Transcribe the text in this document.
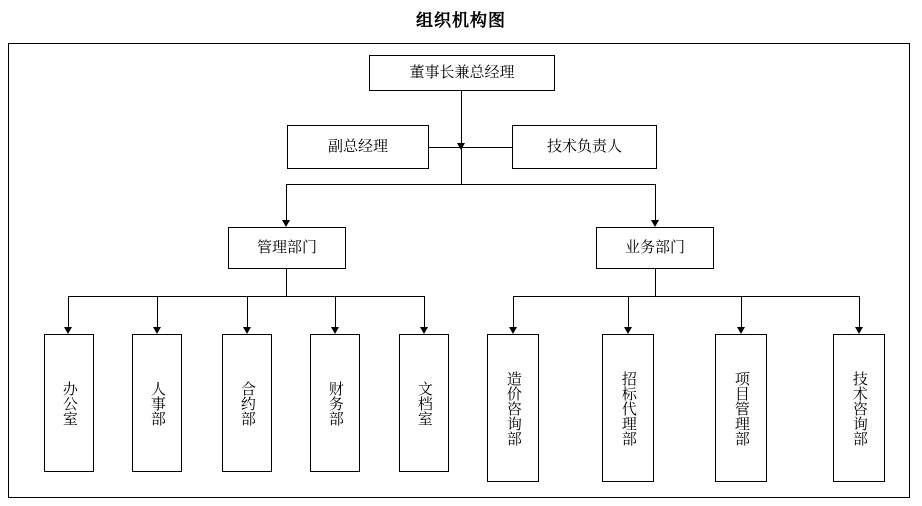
组织机构图
董事长兼总经理
副总经理	技术负责人
管理部门	业务部门
办公室	人事部	合约部	财务部	文档室	造价咨询部	招标代理部	项目管理部	技术咨询部
